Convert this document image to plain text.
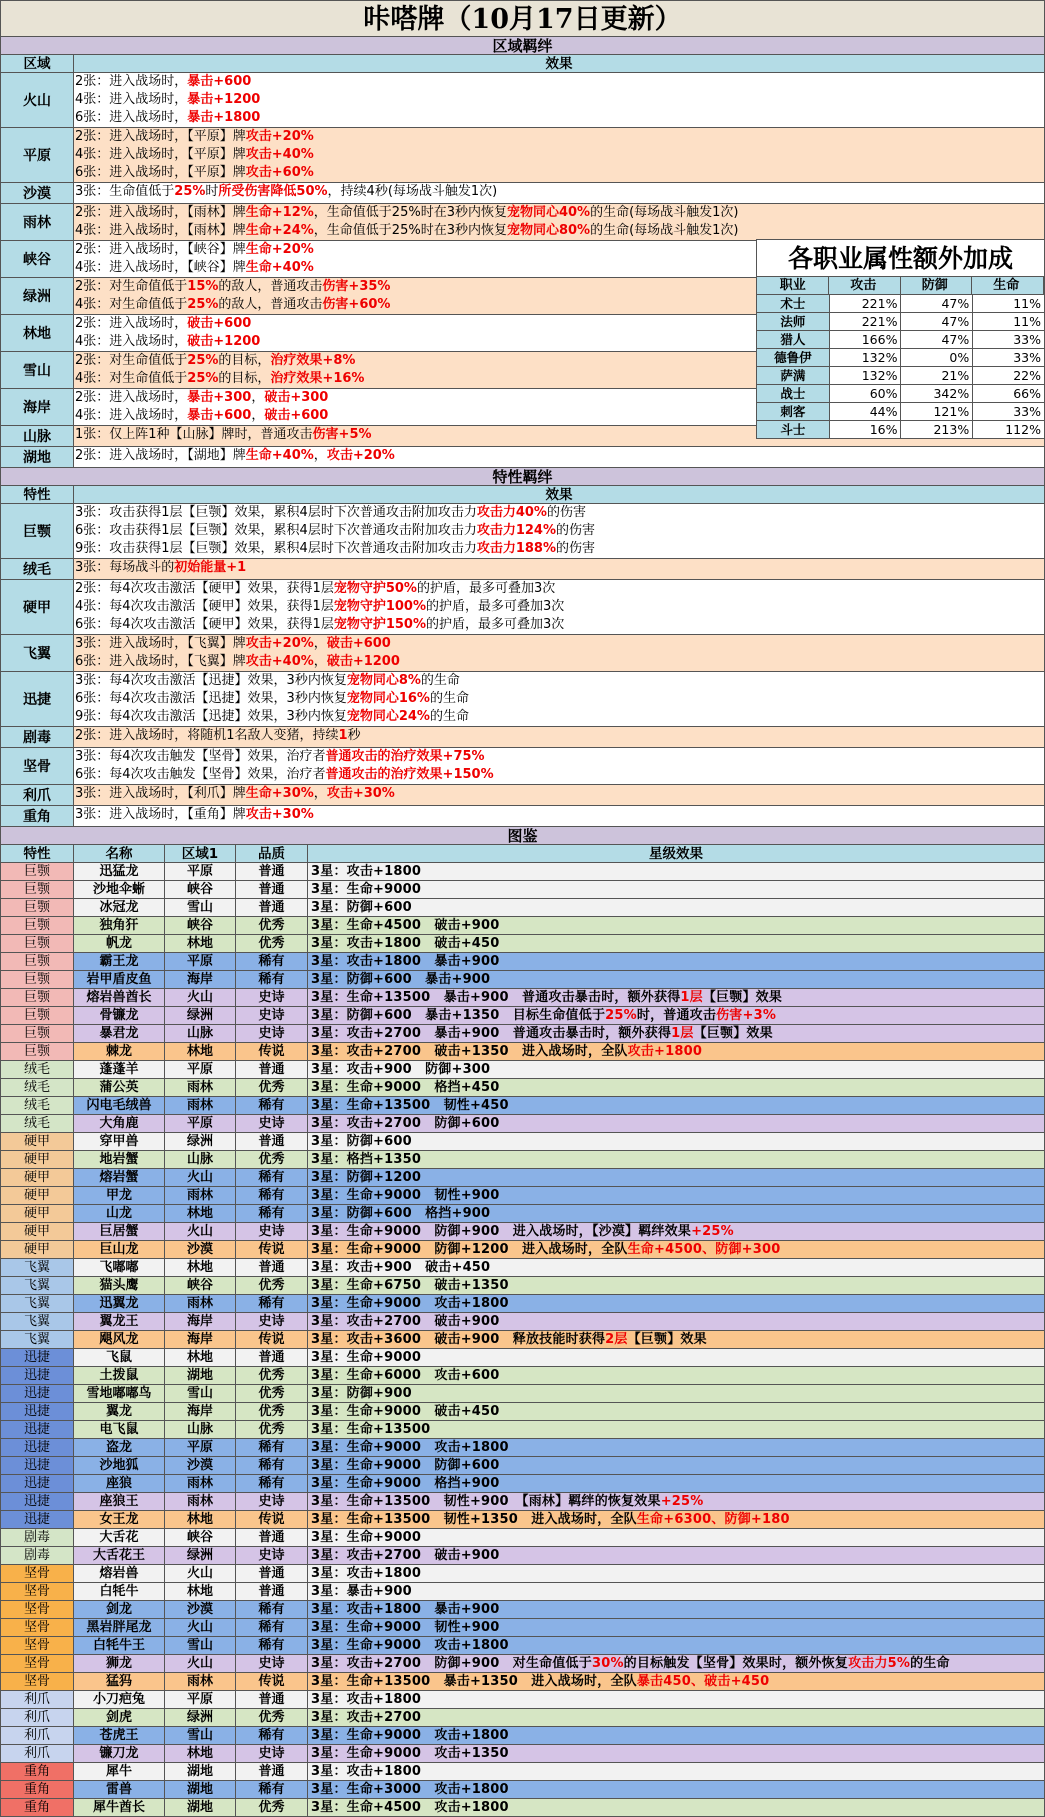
咔嗒牌（10月17日更新）
区域羁绊
区域	效果
火山
2张：进入战场时，暴击+600
4张：进入战场时，暴击+1200
6张：进入战场时，暴击+1800
平原
2张：进入战场时，【平原】牌攻击+20%
4张：进入战场时，【平原】牌攻击+40%
6张：进入战场时，【平原】牌攻击+60%
沙漠	3张：生命值低于25%时所受伤害降低50%，持续4秒(每场战斗触发1次)
雨林
2张：进入战场时，【雨林】牌生命+12%，生命值低于25%时在3秒内恢复宠物同心40%的生命(每场战斗触发1次)
4张：进入战场时，【雨林】牌生命+24%，生命值低于25%时在3秒内恢复宠物同心80%的生命(每场战斗触发1次)
峡谷
2张：进入战场时，【峡谷】牌生命+20%
4张：进入战场时，【峡谷】牌生命+40%
绿洲
2张：对生命值低于15%的敌人，普通攻击伤害+35%
4张：对生命值低于25%的敌人，普通攻击伤害+60%
林地
2张：进入战场时，破击+600
4张：进入战场时，破击+1200
雪山
2张：对生命值低于25%的目标，治疗效果+8%
4张：对生命值低于25%的目标，治疗效果+16%
海岸
2张：进入战场时，暴击+300，破击+300
4张：进入战场时，暴击+600，破击+600
山脉	1张：仅上阵1种【山脉】牌时，普通攻击伤害+5%
湖地	2张：进入战场时，【湖地】牌生命+40%，攻击+20%
特性羁绊
特性	效果
巨颚
3张：攻击获得1层【巨颚】效果，累积4层时下次普通攻击附加攻击力攻击力40%的伤害
6张：攻击获得1层【巨颚】效果，累积4层时下次普通攻击附加攻击力攻击力124%的伤害
9张：攻击获得1层【巨颚】效果，累积4层时下次普通攻击附加攻击力攻击力188%的伤害
绒毛	3张：每场战斗的初始能量+1
硬甲
2张：每4次攻击激活【硬甲】效果，获得1层宠物守护50%的护盾，最多可叠加3次
4张：每4次攻击激活【硬甲】效果，获得1层宠物守护100%的护盾，最多可叠加3次
6张：每4次攻击激活【硬甲】效果，获得1层宠物守护150%的护盾，最多可叠加3次
飞翼
3张：进入战场时，【飞翼】牌攻击+20%，破击+600
6张：进入战场时，【飞翼】牌攻击+40%，破击+1200
迅捷
3张：每4次攻击激活【迅捷】效果，3秒内恢复宠物同心8%的生命
6张：每4次攻击激活【迅捷】效果，3秒内恢复宠物同心16%的生命
9张：每4次攻击激活【迅捷】效果，3秒内恢复宠物同心24%的生命
剧毒	2张：进入战场时，将随机1名敌人变猪，持续1秒
坚骨
3张：每4次攻击触发【坚骨】效果，治疗者普通攻击的治疗效果+75%
6张：每4次攻击触发【坚骨】效果，治疗者普通攻击的治疗效果+150%
利爪	3张：进入战场时，【利爪】牌生命+30%，攻击+30%
重角	3张：进入战场时，【重角】牌攻击+30%
图鉴
特性	名称	区域1	品质	星级效果
巨颚	迅猛龙	平原	普通	3星：攻击+1800
巨颚	沙地伞蜥	峡谷	普通	3星：生命+9000
巨颚	冰冠龙	雪山	普通	3星：防御+600
巨颚	独角犴	峡谷	优秀	3星：生命+4500　破击+900
巨颚	帆龙	林地	优秀	3星：攻击+1800　破击+450
巨颚	霸王龙	平原	稀有	3星：攻击+1800　暴击+900
巨颚	岩甲盾皮鱼	海岸	稀有	3星：防御+600　暴击+900
巨颚	熔岩兽酋长	火山	史诗	3星：生命+13500　暴击+900　普通攻击暴击时，额外获得1层【巨颚】效果
巨颚	骨镰龙	绿洲	史诗	3星：防御+600　暴击+1350　目标生命值低于25%时，普通攻击伤害+3%
巨颚	暴君龙	山脉	史诗	3星：攻击+2700　暴击+900　普通攻击暴击时，额外获得1层【巨颚】效果
巨颚	棘龙	林地	传说	3星：攻击+2700　破击+1350　进入战场时，全队攻击+1800
绒毛	蓬蓬羊	平原	普通	3星：攻击+900　防御+300
绒毛	蒲公英	雨林	优秀	3星：生命+9000　格挡+450
绒毛	闪电毛绒兽	雨林	稀有	3星：生命+13500　韧性+450
绒毛	大角鹿	平原	史诗	3星：攻击+2700　防御+600
硬甲	穿甲兽	绿洲	普通	3星：防御+600
硬甲	地岩蟹	山脉	优秀	3星：格挡+1350
硬甲	熔岩蟹	火山	稀有	3星：防御+1200
硬甲	甲龙	雨林	稀有	3星：生命+9000　韧性+900
硬甲	山龙	林地	稀有	3星：防御+600　格挡+900
硬甲	巨居蟹	火山	史诗	3星：生命+9000　防御+900　进入战场时，【沙漠】羁绊效果+25%
硬甲	巨山龙	沙漠	传说	3星：生命+9000　防御+1200　进入战场时，全队生命+4500、防御+300
飞翼	飞嘟嘟	林地	普通	3星：攻击+900　破击+450
飞翼	猫头鹰	峡谷	优秀	3星：生命+6750　破击+1350
飞翼	迅翼龙	雨林	稀有	3星：生命+9000　攻击+1800
飞翼	翼龙王	海岸	史诗	3星：攻击+2700　破击+900
飞翼	飓风龙	海岸	传说	3星：攻击+3600　破击+900　释放技能时获得2层【巨颚】效果
迅捷	飞鼠	林地	普通	3星：生命+9000
迅捷	土拨鼠	湖地	优秀	3星：生命+6000　攻击+600
迅捷	雪地嘟嘟鸟	雪山	优秀	3星：防御+900
迅捷	翼龙	海岸	优秀	3星：生命+9000　破击+450
迅捷	电飞鼠	山脉	优秀	3星：生命+13500
迅捷	盗龙	平原	稀有	3星：生命+9000　攻击+1800
迅捷	沙地狐	沙漠	稀有	3星：生命+9000　防御+600
迅捷	座狼	雨林	稀有	3星：生命+9000　格挡+900
迅捷	座狼王	雨林	史诗	3星：生命+13500　韧性+900　【雨林】羁绊的恢复效果+25%
迅捷	女王龙	林地	传说	3星：生命+13500　韧性+1350　进入战场时，全队生命+6300、防御+180
剧毒	大舌花	峡谷	普通	3星：生命+9000
剧毒	大舌花王	绿洲	史诗	3星：攻击+2700　破击+900
坚骨	熔岩兽	火山	普通	3星：攻击+1800
坚骨	白牦牛	林地	普通	3星：暴击+900
坚骨	剑龙	沙漠	稀有	3星：攻击+1800　暴击+900
坚骨	黑岩胖尾龙	火山	稀有	3星：生命+9000　韧性+900
坚骨	白牦牛王	雪山	稀有	3星：生命+9000　攻击+1800
坚骨	狮龙	火山	史诗	3星：攻击+2700　防御+900　对生命值低于30%的目标触发【坚骨】效果时，额外恢复攻击力5%的生命
坚骨	猛犸	雨林	传说	3星：生命+13500　暴击+1350　进入战场时，全队暴击450、破击+450
利爪	小刀疤兔	平原	普通	3星：攻击+1800
利爪	剑虎	绿洲	优秀	3星：攻击+2700
利爪	苍虎王	雪山	稀有	3星：生命+9000　攻击+1800
利爪	镰刀龙	林地	史诗	3星：生命+9000　攻击+1350
重角	犀牛	湖地	普通	3星：攻击+1800
重角	雷兽	湖地	稀有	3星：生命+3000　攻击+1800
重角	犀牛酋长	湖地	优秀	3星：生命+4500　攻击+1800
各职业属性额外加成
职业	攻击	防御	生命
术士	221%	47%	11%
法师	221%	47%	11%
猎人	166%	47%	33%
德鲁伊	132%	0%	33%
萨满	132%	21%	22%
战士	60%	342%	66%
刺客	44%	121%	33%
斗士	16%	213%	112%
